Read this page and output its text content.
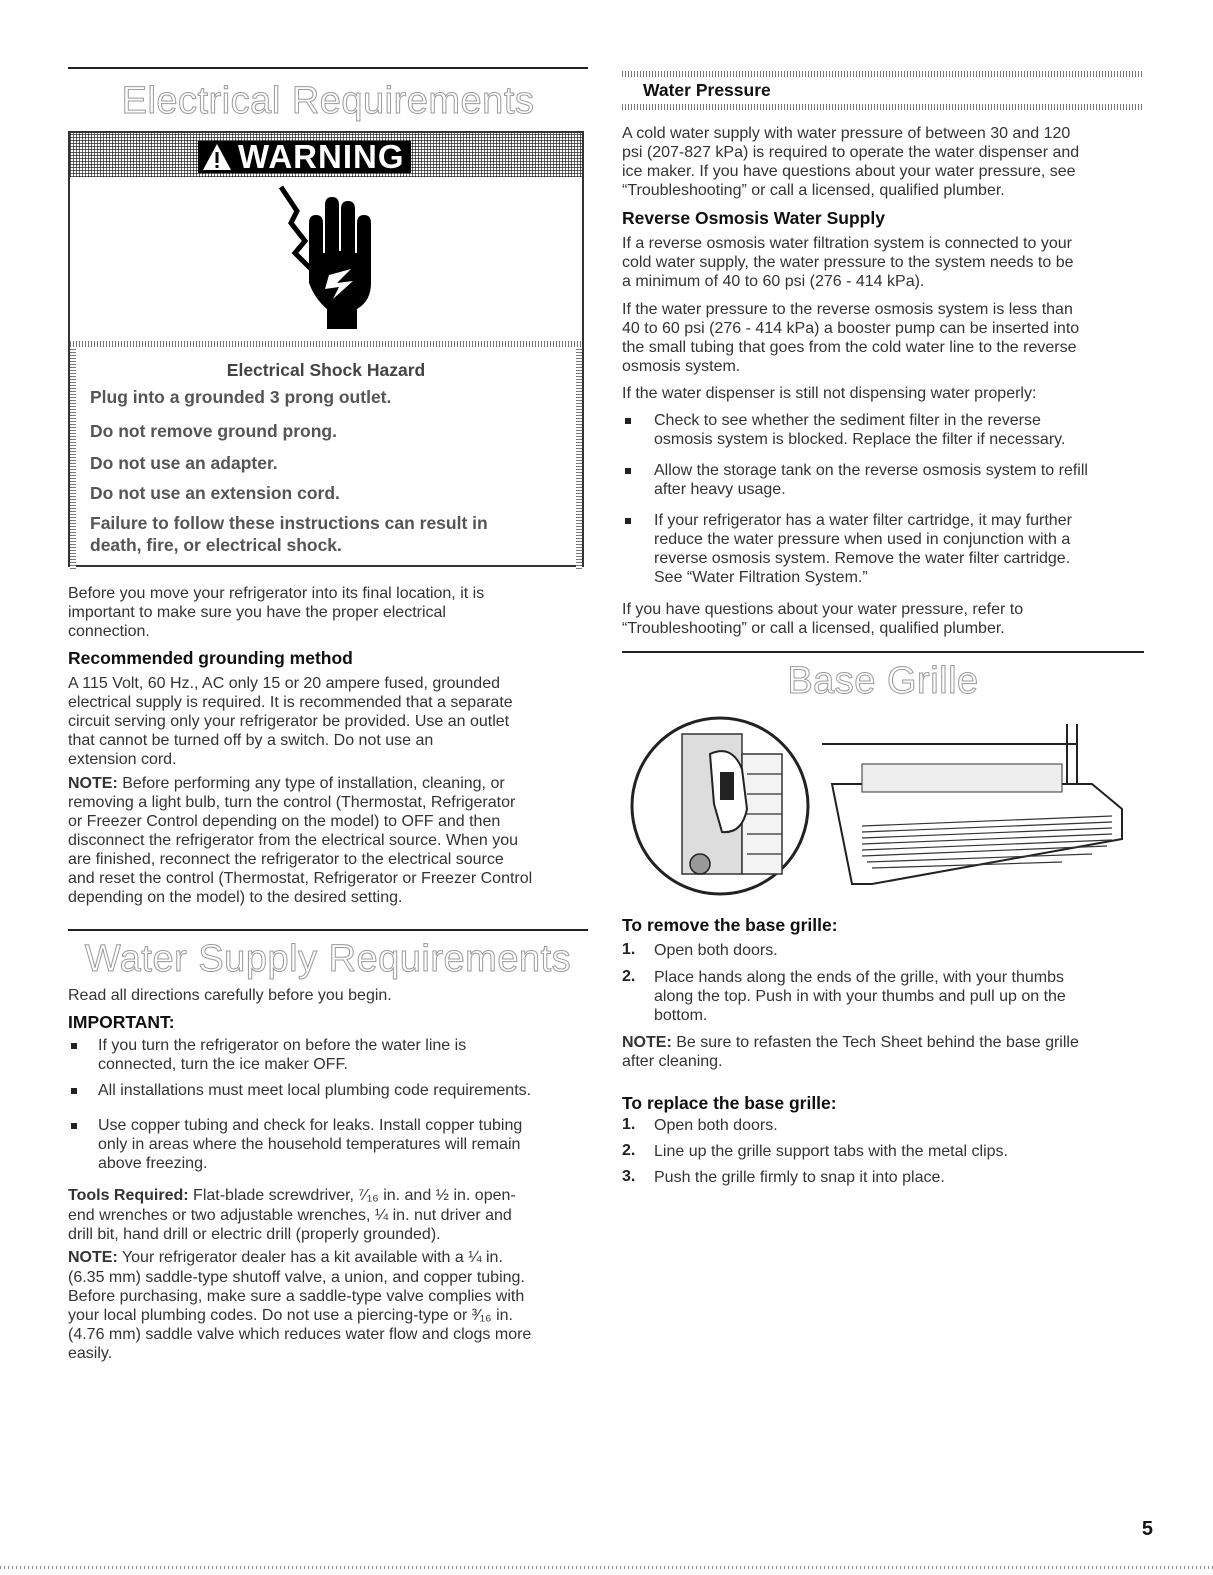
Electrical Requirements
WARNING
Electrical Shock Hazard
Plug into a grounded 3 prong outlet.
Do not remove ground prong.
Do not use an adapter.
Do not use an extension cord.
Failure to follow these instructions can result in
death, fire, or electrical shock.

Before you move your refrigerator into its final location, it is

important to make sure you have the proper electrical

connection.

Recommended grounding method

A 115 Volt, 60 Hz., AC only 15 or 20 ampere fused, grounded

electrical supply is required. It is recommended that a separate

circuit serving only your refrigerator be provided. Use an outlet

that cannot be turned off by a switch. Do not use an

extension cord.

NOTE: Before performing any type of installation, cleaning, or

removing a light bulb, turn the control (Thermostat, Refrigerator

or Freezer Control depending on the model) to OFF and then

disconnect the refrigerator from the electrical source. When you

are finished, reconnect the refrigerator to the electrical source

and reset the control (Thermostat, Refrigerator or Freezer Control

depending on the model) to the desired setting.

Water Supply Requirements

Read all directions carefully before you begin.

IMPORTANT:

If you turn the refrigerator on before the water line is

connected, turn the ice maker OFF.

All installations must meet local plumbing code requirements.

Use copper tubing and check for leaks. Install copper tubing

only in areas where the household temperatures will remain

above freezing.

Tools Required: Flat-blade screwdriver, ⁷⁄₁₆ in. and ½ in. open-

end wrenches or two adjustable wrenches, ¼ in. nut driver and

drill bit, hand drill or electric drill (properly grounded).

NOTE: Your refrigerator dealer has a kit available with a ¼ in.

(6.35 mm) saddle-type shutoff valve, a union, and copper tubing.

Before purchasing, make sure a saddle-type valve complies with

your local plumbing codes. Do not use a piercing-type or ³⁄₁₆ in.

(4.76 mm) saddle valve which reduces water flow and clogs more

easily.

Water Pressure

A cold water supply with water pressure of between 30 and 120

psi (207-827 kPa) is required to operate the water dispenser and

ice maker. If you have questions about your water pressure, see

“Troubleshooting” or call a licensed, qualified plumber.

Reverse Osmosis Water Supply

If a reverse osmosis water filtration system is connected to your

cold water supply, the water pressure to the system needs to be

a minimum of 40 to 60 psi (276 - 414 kPa).

If the water pressure to the reverse osmosis system is less than

40 to 60 psi (276 - 414 kPa) a booster pump can be inserted into

the small tubing that goes from the cold water line to the reverse

osmosis system.

If the water dispenser is still not dispensing water properly:

Check to see whether the sediment filter in the reverse

osmosis system is blocked. Replace the filter if necessary.

Allow the storage tank on the reverse osmosis system to refill

after heavy usage.

If your refrigerator has a water filter cartridge, it may further

reduce the water pressure when used in conjunction with a

reverse osmosis system. Remove the water filter cartridge.

See “Water Filtration System.”

If you have questions about your water pressure, refer to

“Troubleshooting” or call a licensed, qualified plumber.

Base Grille
To remove the base grille:
1. Open both doors.

2. Place hands along the ends of the grille, with your thumbs

along the top. Push in with your thumbs and pull up on the

bottom.

NOTE: Be sure to refasten the Tech Sheet behind the base grille

after cleaning.

To replace the base grille:
1. Open both doors.

2. Line up the grille support tabs with the metal clips.

3. Push the grille firmly to snap it into place.

5
